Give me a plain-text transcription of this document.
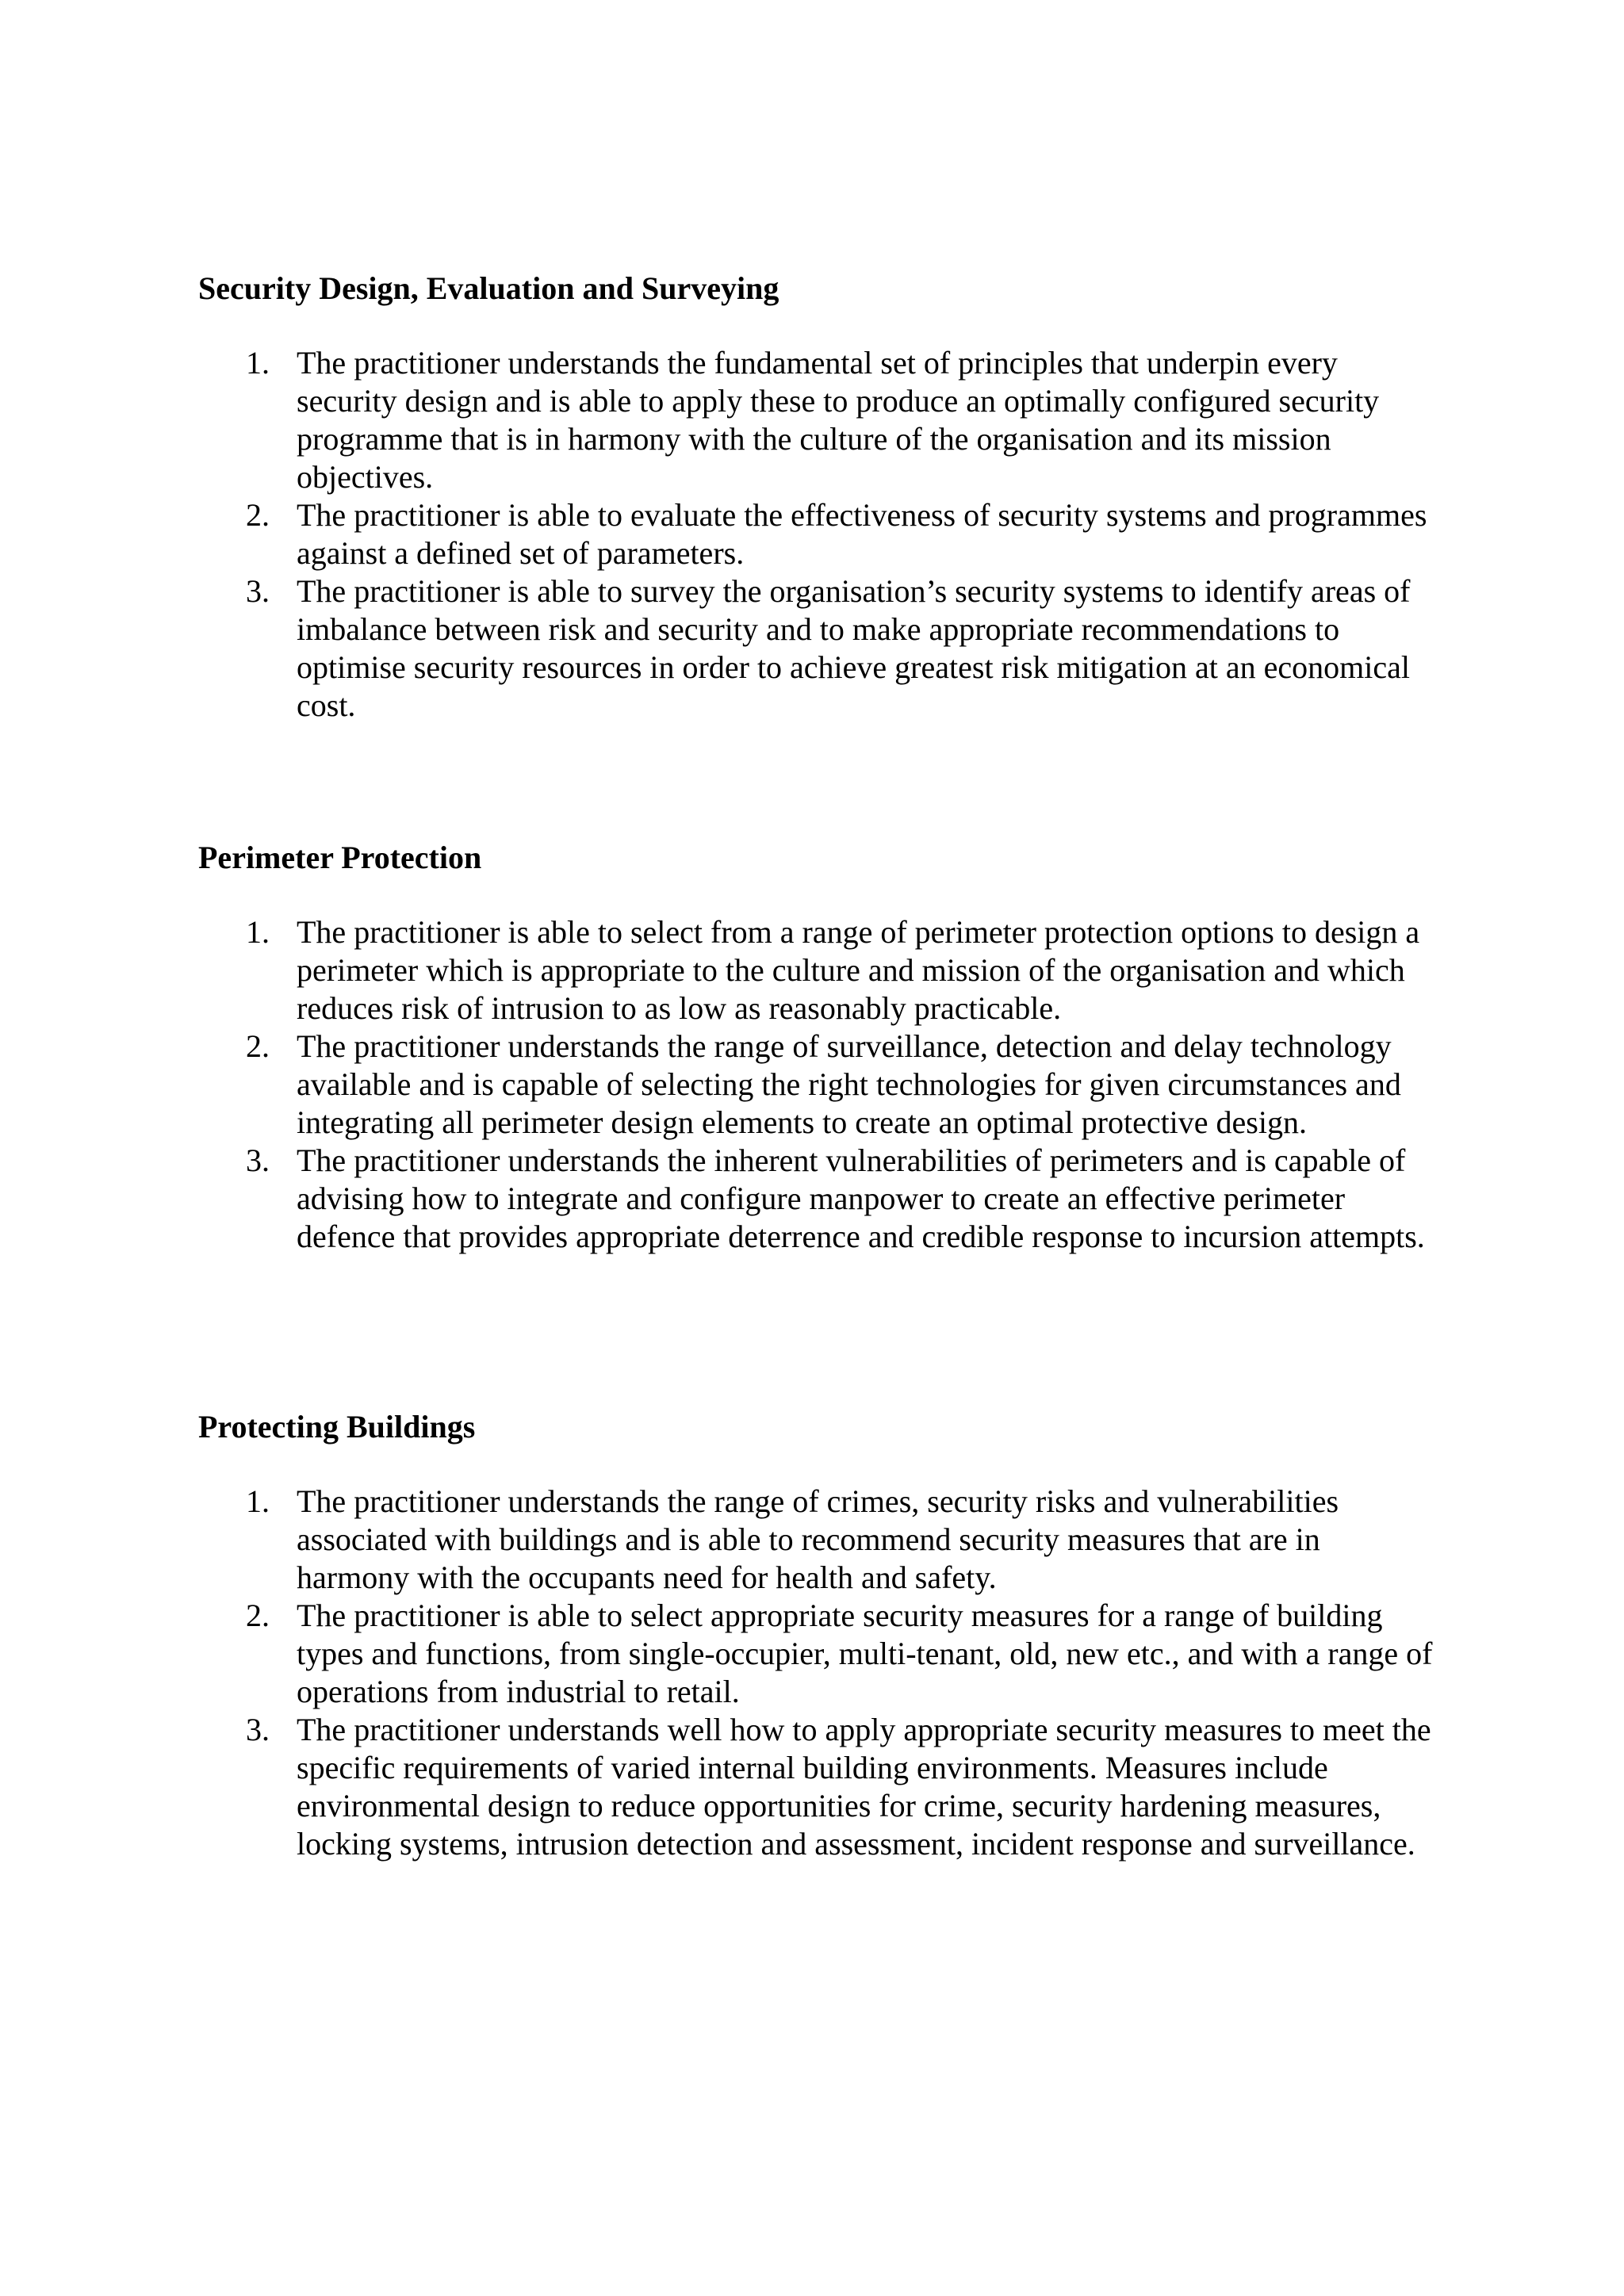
Security Design, Evaluation and Surveying
1. The practitioner understands the fundamental set of principles that underpin every security design and is able to apply these to produce an optimally configured security programme that is in harmony with the culture of the organisation and its mission objectives.
2. The practitioner is able to evaluate the effectiveness of security systems and programmes against a defined set of parameters.
3. The practitioner is able to survey the organisation’s security systems to identify areas of imbalance between risk and security and to make appropriate recommendations to optimise security resources in order to achieve greatest risk mitigation at an economical cost.
Perimeter Protection
1. The practitioner is able to select from a range of perimeter protection options to design a perimeter which is appropriate to the culture and mission of the organisation and which reduces risk of intrusion to as low as reasonably practicable.
2. The practitioner understands the range of surveillance, detection and delay technology available and is capable of selecting the right technologies for given circumstances and integrating all perimeter design elements to create an optimal protective design.
3. The practitioner understands the inherent vulnerabilities of perimeters and is capable of advising how to integrate and configure manpower to create an effective perimeter defence that provides appropriate deterrence and credible response to incursion attempts.
Protecting Buildings
1. The practitioner understands the range of crimes, security risks and vulnerabilities associated with buildings and is able to recommend security measures that are in harmony with the occupants need for health and safety.
2. The practitioner is able to select appropriate security measures for a range of building types and functions, from single-occupier, multi-tenant, old, new etc., and with a range of operations from industrial to retail.
3. The practitioner understands well how to apply appropriate security measures to meet the specific requirements of varied internal building environments. Measures include environmental design to reduce opportunities for crime, security hardening measures, locking systems, intrusion detection and assessment, incident response and surveillance.
